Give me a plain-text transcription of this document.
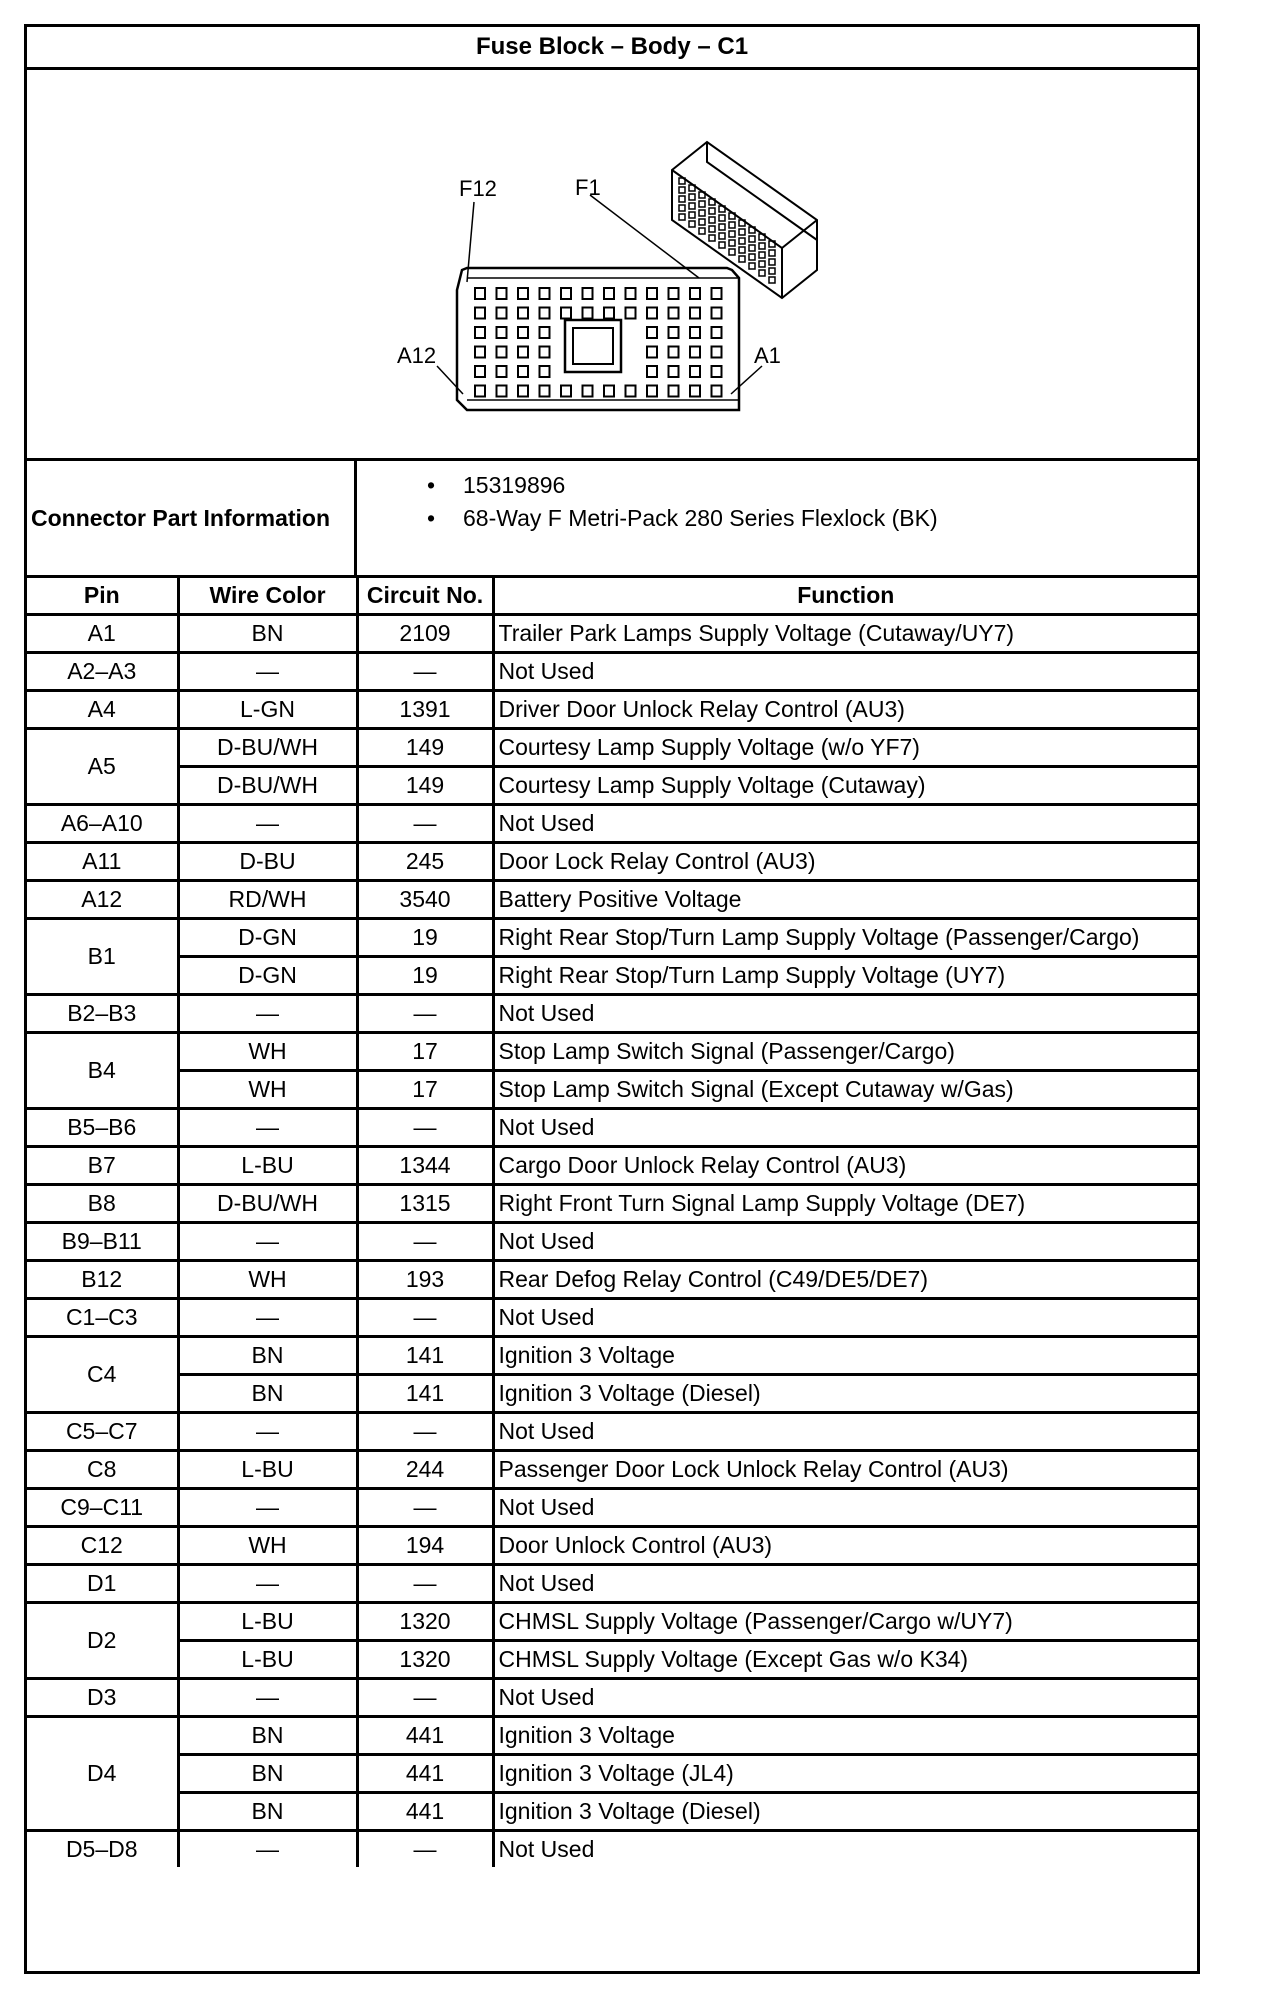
Fuse Block – Body – C1
F12	F1
A12	A1
Connector Part Information
• 15319896
• 68-Way F Metri-Pack 280 Series Flexlock (BK)
Pin	Wire Color	Circuit No.	Function
A1	BN	2109	Trailer Park Lamps Supply Voltage (Cutaway/UY7)
A2–A3	—	—	Not Used
A4	L-GN	1391	Driver Door Unlock Relay Control (AU3)
A5	D-BU/WH	149	Courtesy Lamp Supply Voltage (w/o YF7)
	D-BU/WH	149	Courtesy Lamp Supply Voltage (Cutaway)
A6–A10	—	—	Not Used
A11	D-BU	245	Door Lock Relay Control (AU3)
A12	RD/WH	3540	Battery Positive Voltage
B1	D-GN	19	Right Rear Stop/Turn Lamp Supply Voltage (Passenger/Cargo)
	D-GN	19	Right Rear Stop/Turn Lamp Supply Voltage (UY7)
B2–B3	—	—	Not Used
B4	WH	17	Stop Lamp Switch Signal (Passenger/Cargo)
	WH	17	Stop Lamp Switch Signal (Except Cutaway w/Gas)
B5–B6	—	—	Not Used
B7	L-BU	1344	Cargo Door Unlock Relay Control (AU3)
B8	D-BU/WH	1315	Right Front Turn Signal Lamp Supply Voltage (DE7)
B9–B11	—	—	Not Used
B12	WH	193	Rear Defog Relay Control (C49/DE5/DE7)
C1–C3	—	—	Not Used
C4	BN	141	Ignition 3 Voltage
	BN	141	Ignition 3 Voltage (Diesel)
C5–C7	—	—	Not Used
C8	L-BU	244	Passenger Door Lock Unlock Relay Control (AU3)
C9–C11	—	—	Not Used
C12	WH	194	Door Unlock Control (AU3)
D1	—	—	Not Used
D2	L-BU	1320	CHMSL Supply Voltage (Passenger/Cargo w/UY7)
	L-BU	1320	CHMSL Supply Voltage (Except Gas w/o K34)
D3	—	—	Not Used
D4	BN	441	Ignition 3 Voltage
	BN	441	Ignition 3 Voltage (JL4)
	BN	441	Ignition 3 Voltage (Diesel)
D5–D8	—	—	Not Used
